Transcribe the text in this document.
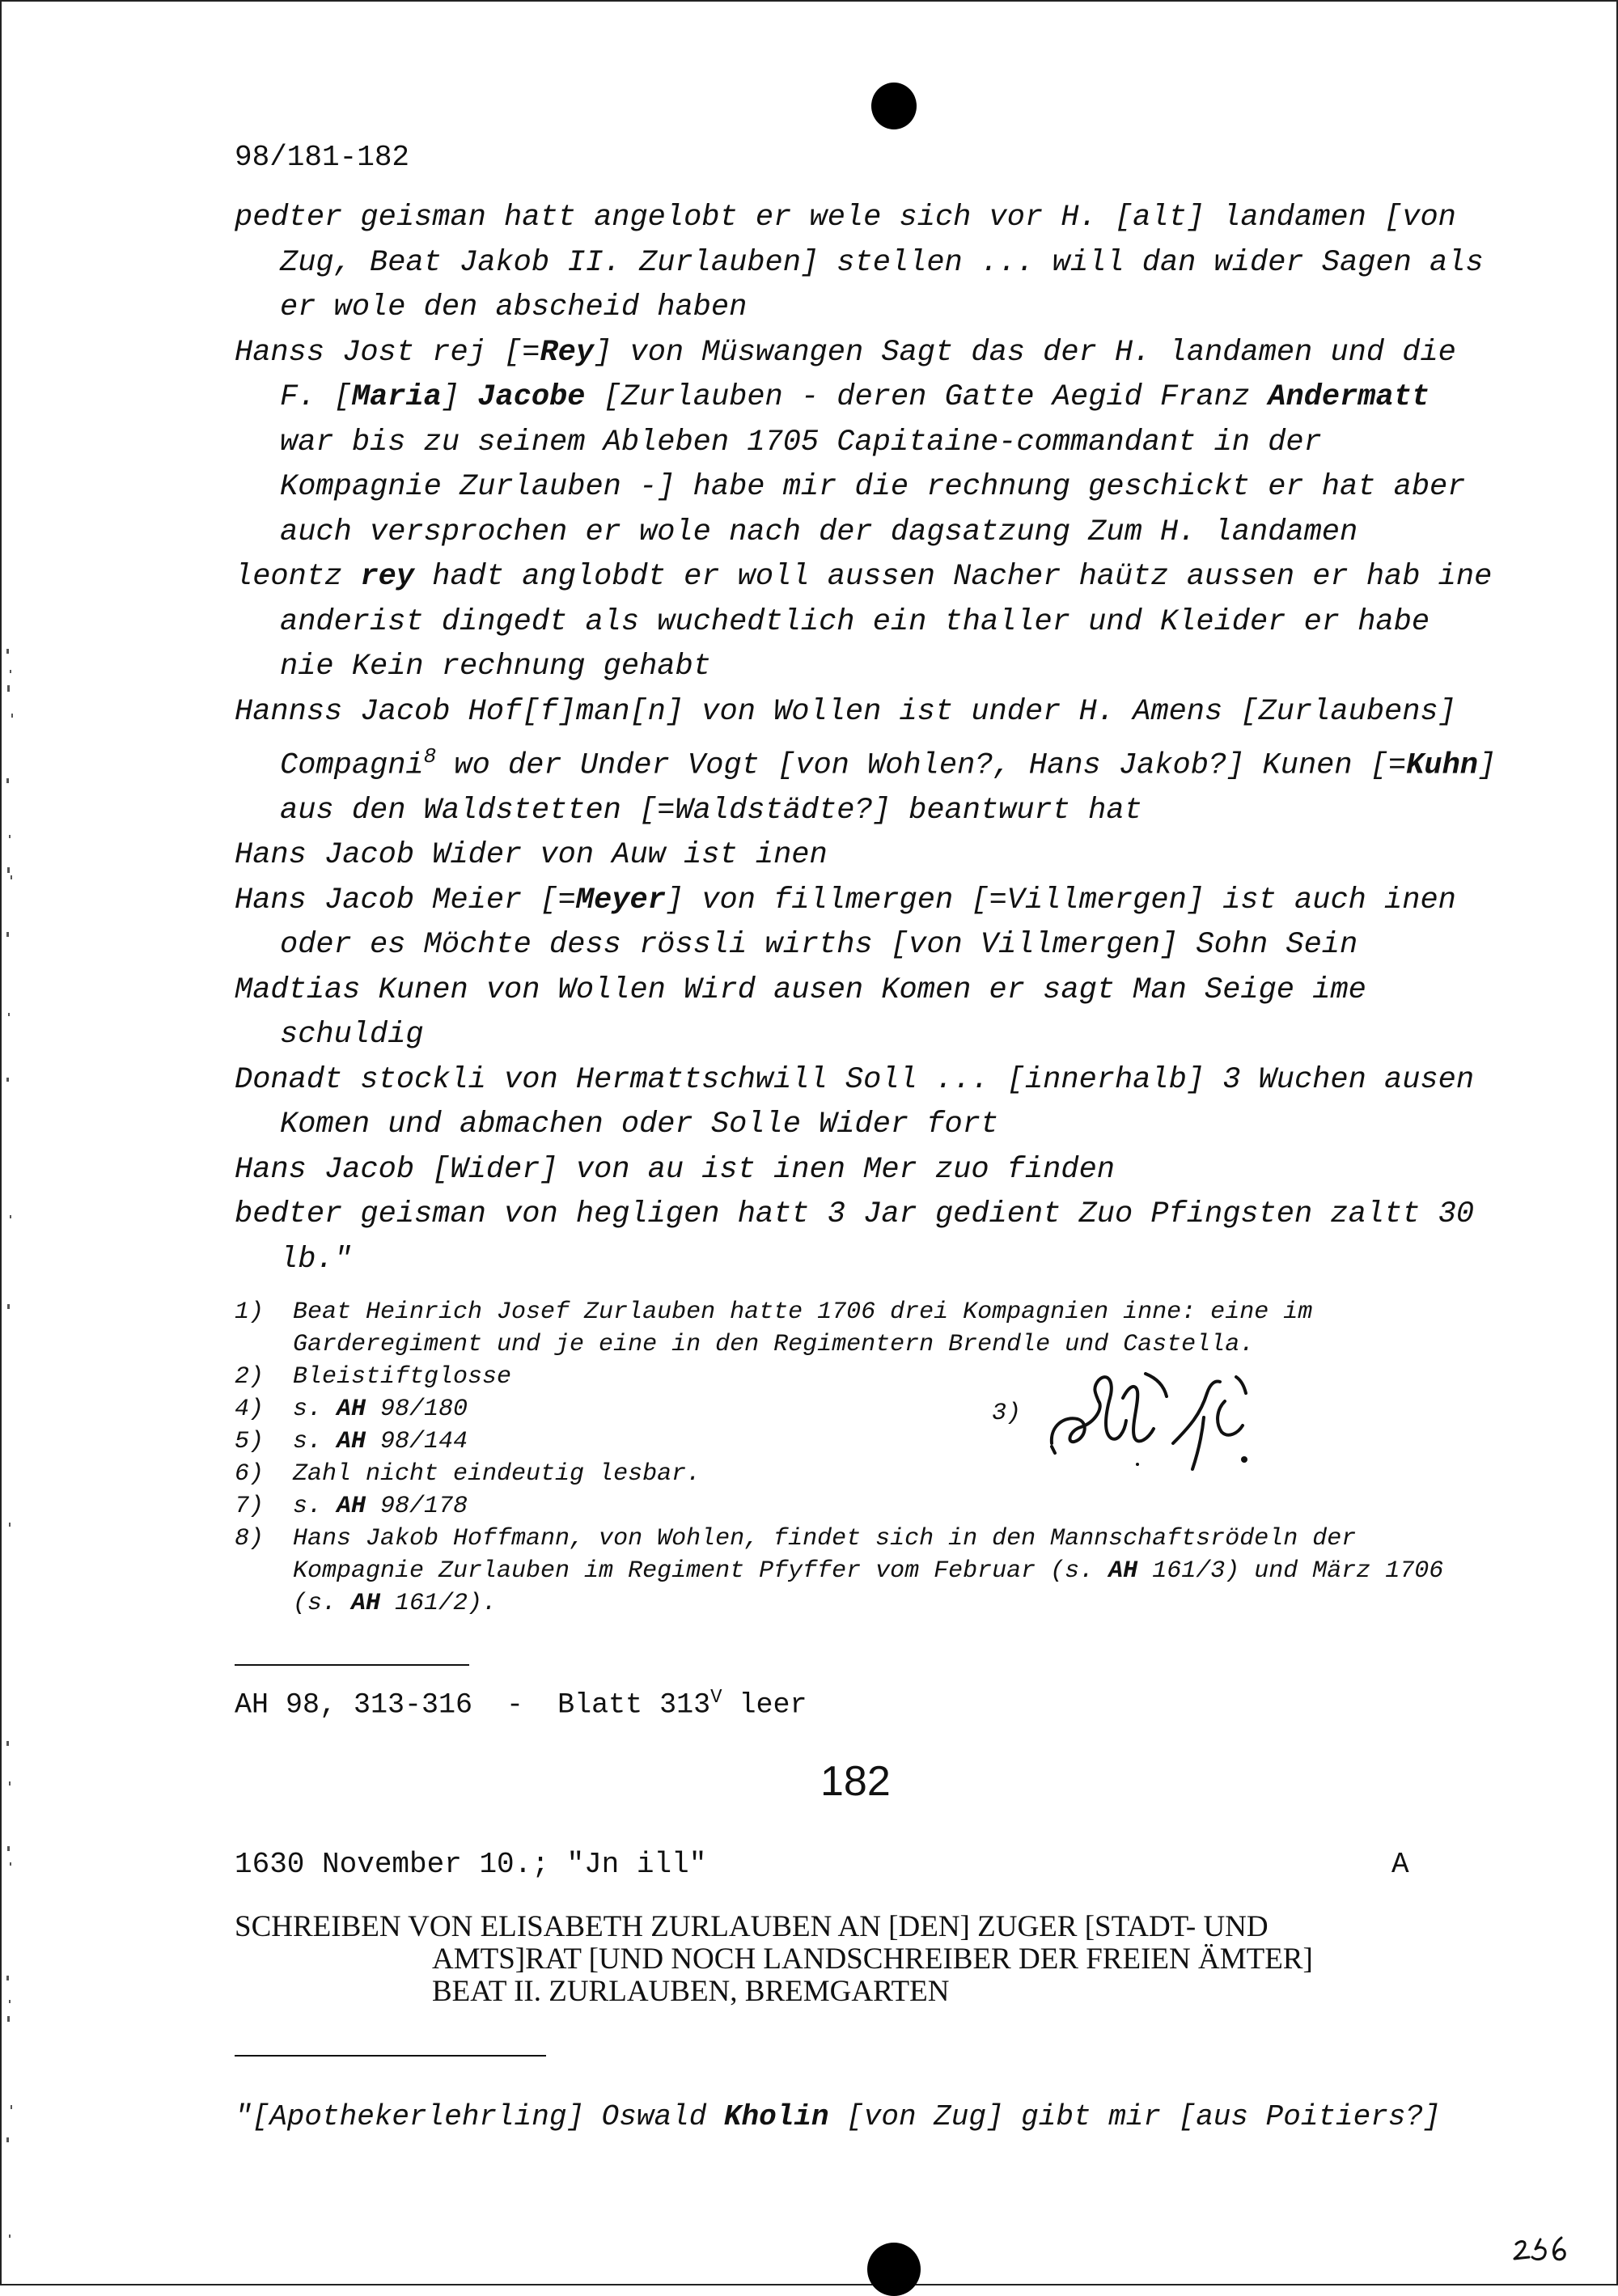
98/181-182

pedter geisman hatt angelobt er wele sich vor H. [alt] landamen [von Zug, Beat Jakob II. Zurlauben] stellen ... will dan wider Sagen als er wole den abscheid haben

Hanss Jost rej [=Rey] von Müswangen Sagt das der H. landamen und die F. [Maria] Jacobe [Zurlauben - deren Gatte Aegid Franz Andermatt war bis zu seinem Ableben 1705 Capitaine-commandant in der Kompagnie Zurlauben -] habe mir die rechnung geschickt er hat aber auch versprochen er wole nach der dagsatzung Zum H. landamen

leontz rey hadt anglobdt er woll aussen Nacher haütz aussen er hab ine anderist dingedt als wuchedtlich ein thaller und Kleider er habe nie Kein rechnung gehabt

Hannss Jacob Hof[f]man[n] von Wollen ist under H. Amens [Zurlaubens] Compagni$^8$ wo der Under Vogt [von Wohlen?, Hans Jakob?] Kunen [=Kuhn] aus den Waldstetten [=Waldstädte?] beantwurt hat

Hans Jacob Wider von Auw ist inen

Hans Jacob Meier [=Meyer] von fillmergen [=Villmergen] ist auch inen oder es Möchte dess rössli wirths [von Villmergen] Sohn Sein

Madtias Kunen von Wollen Wird ausen Komen er sagt Man Seige ime schuldig

Donadt stockli von Hermattschwill Soll ... [innerhalb] 3 Wuchen ausen Komen und abmachen oder Solle Wider fort

Hans Jacob [Wider] von au ist inen Mer zuo finden

bedter geisman von hegligen hatt 3 Jar gedient Zuo Pfingsten zaltt 30 lb."

1)	Beat Heinrich Josef Zurlauben hatte 1706 drei Kompagnien inne: eine im Garderegiment und je eine in den Regimentern Brendle und Castella.
2)	Bleistiftglosse
4)	s. AH 98/180
5)	s. AH 98/144
6)	Zahl nicht eindeutig lesbar.
7)	s. AH 98/178
8)	Hans Jakob Hoffmann, von Wohlen, findet sich in den Mannschaftsrödeln der Kompagnie Zurlauben im Regiment Pfyffer vom Februar (s. AH 161/3) und März 1706 (s. AH 161/2).
3)
AH 98, 313-316  -  Blatt $313^V$ leer
182
1630 November 10.; "Jn ill"	A

SCHREIBEN VON ELISABETH ZURLAUBEN AN [DEN] ZUGER [STADT- UND

AMTS]RAT [UND NOCH LANDSCHREIBER DER FREIEN ÄMTER]

BEAT II. ZURLAUBEN, BREMGARTEN

"[Apothekerlehrling] Oswald Kholin [von Zug] gibt mir [aus Poitiers?]
